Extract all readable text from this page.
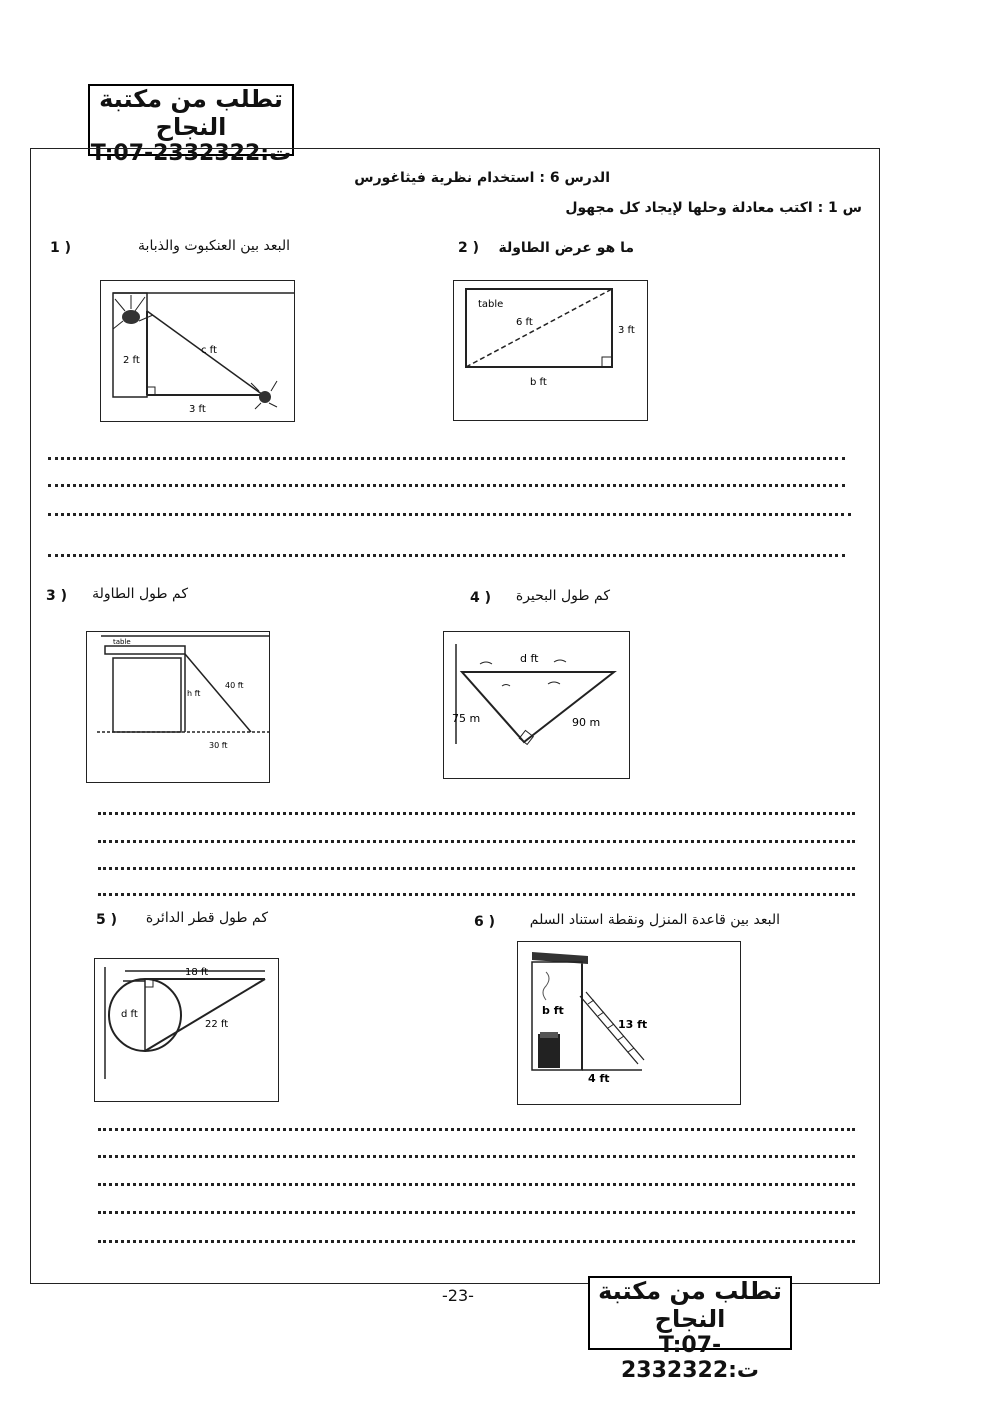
تطلب من مكتبة النجاح
T:07-2332322:ت
الدرس 6 : استخدام نظرية فيثاغورس
س 1 : اكتب معادلة وحلها لإيجاد كل مجهول
1 )	البعد بين العنكبوت والذبابة	2 )	ما هو عرض الطاولة
2 ft
3 ft
c ft
table
6 ft
3 ft
b ft
3 )	كم طول الطاولة	4 )	كم طول البحيرة
table
h ft
40 ft
30 ft
d ft
75 m	90 m
5 )	كم طول قطر الدائرة	6 )	البعد بين قاعدة المنزل ونقطة استناد السلم
18 ft
d ft
22 ft
b ft
13 ft
4 ft
-23-	تطلب من مكتبة النجاح
T:07-2332322:ت
